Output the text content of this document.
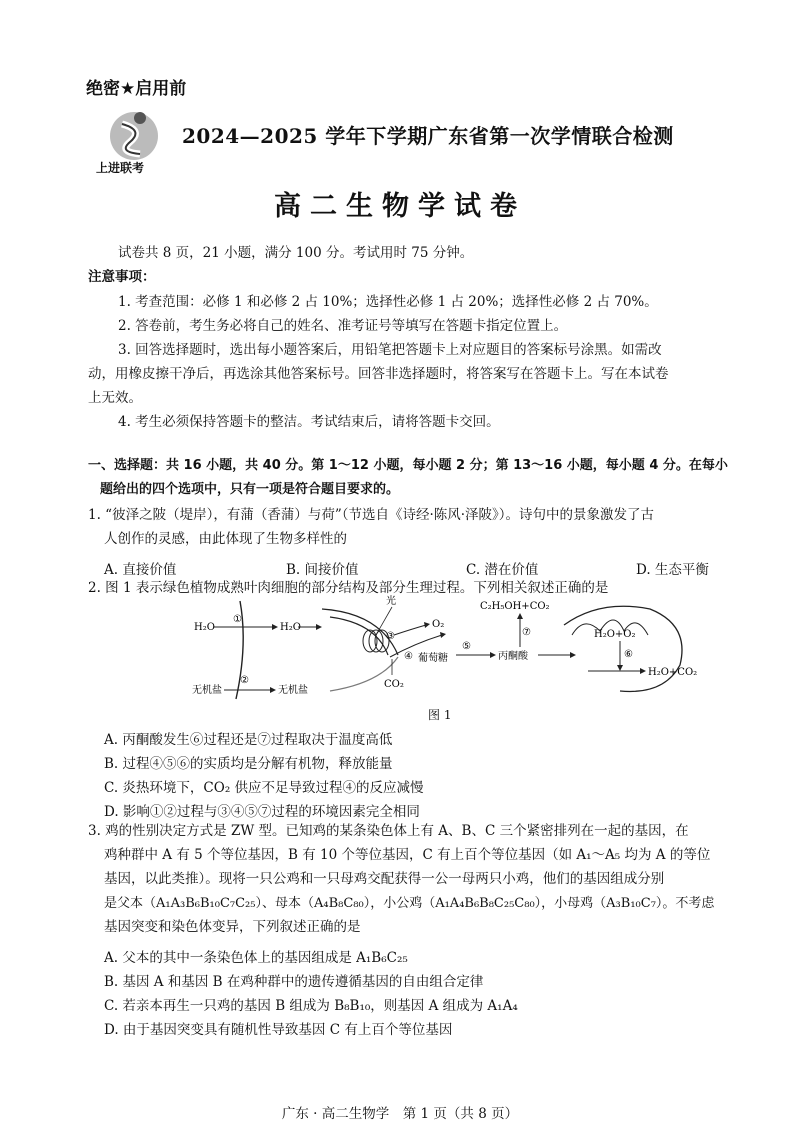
绝密★启用前
上进联考
2024—2025 学年下学期广东省第一次学情联合检测
高二生物学试卷
试卷共 8 页，21 小题，满分 100 分。考试用时 75 分钟。
注意事项：
1. 考查范围：必修 1 和必修 2 占 10%；选择性必修 1 占 20%；选择性必修 2 占 70%。
2. 答卷前，考生务必将自己的姓名、准考证号等填写在答题卡指定位置上。
3. 回答选择题时，选出每小题答案后，用铅笔把答题卡上对应题目的答案标号涂黑。如需改
动，用橡皮擦干净后，再选涂其他答案标号。回答非选择题时，将答案写在答题卡上。写在本试卷
上无效。
4. 考生必须保持答题卡的整洁。考试结束后，请将答题卡交回。
一、选择题：共 16 小题，共 40 分。第 1～12 小题，每小题 2 分；第 13～16 小题，每小题 4 分。在每小
题给出的四个选项中，只有一项是符合题目要求的。
1. “彼泽之陂（堤岸），有蒲（香蒲）与荷”（节选自《诗经·陈风·泽陂》）。诗句中的景象激发了古
人创作的灵感，由此体现了生物多样性的
A. 直接价值	B. 间接价值	C. 潜在价值	D. 生态平衡
2. 图 1 表示绿色植物成熟叶肉细胞的部分结构及部分生理过程。下列相关叙述正确的是
H₂O
①
H₂O
光
③
O₂
④ 葡萄糖
CO₂
⑤
丙酮酸
C₂H₅OH+CO₂
⑦	H₂O+O₂
⑥
H₂O+CO₂
无机盐
②
无机盐
图 1
A. 丙酮酸发生⑥过程还是⑦过程取决于温度高低
B. 过程④⑤⑥的实质均是分解有机物，释放能量
C. 炎热环境下，CO₂ 供应不足导致过程④的反应减慢
D. 影响①②过程与③④⑤⑦过程的环境因素完全相同
3. 鸡的性别决定方式是 ZW 型。已知鸡的某条染色体上有 A、B、C 三个紧密排列在一起的基因，在
鸡种群中 A 有 5 个等位基因，B 有 10 个等位基因，C 有上百个等位基因（如 A₁～A₅ 均为 A 的等位
基因，以此类推）。现将一只公鸡和一只母鸡交配获得一公一母两只小鸡，他们的基因组成分别
是父本（A₁A₃B₆B₁₀C₇C₂₅）、母本（A₄B₈C₈₀），小公鸡（A₁A₄B₆B₈C₂₅C₈₀），小母鸡（A₃B₁₀C₇）。不考虑
基因突变和染色体变异，下列叙述正确的是
A. 父本的其中一条染色体上的基因组成是 A₁B₆C₂₅
B. 基因 A 和基因 B 在鸡种群中的遗传遵循基因的自由组合定律
C. 若亲本再生一只鸡的基因 B 组成为 B₈B₁₀，则基因 A 组成为 A₁A₄
D. 由于基因突变具有随机性导致基因 C 有上百个等位基因
广东 · 高二生物学　第 1 页（共 8 页）
